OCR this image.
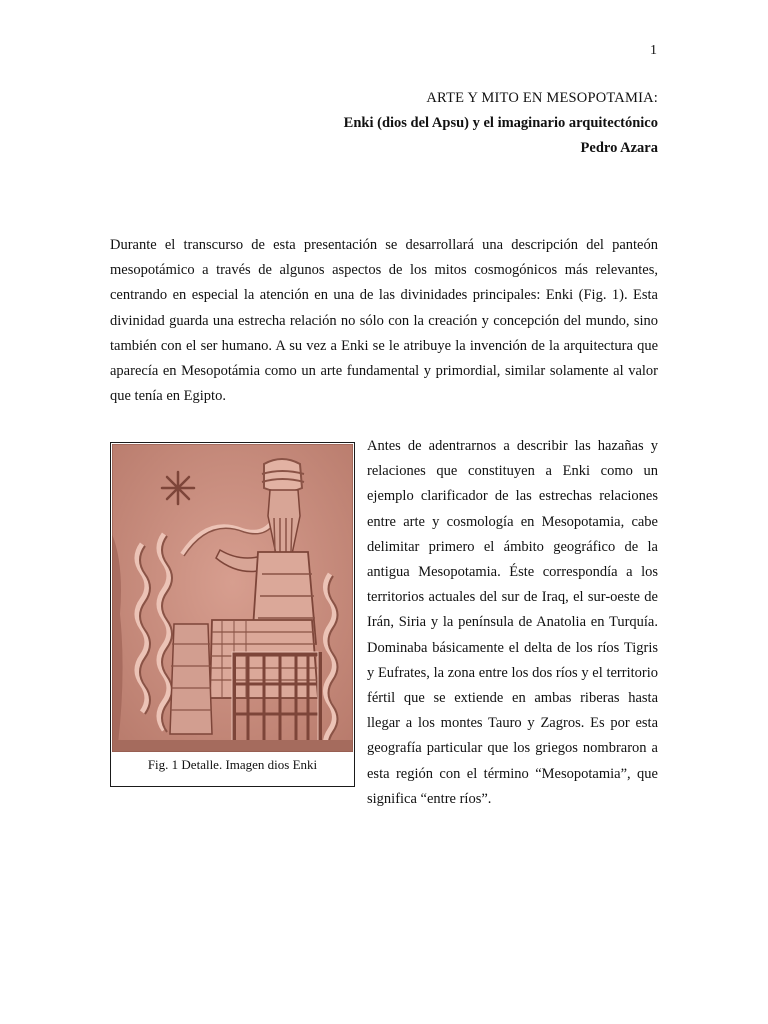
1
ARTE Y MITO EN MESOPOTAMIA:
Enki (dios del Apsu) y el imaginario arquitectónico
Pedro Azara
Durante el transcurso de esta presentación se desarrollará una descripción del panteón mesopotámico a través de algunos aspectos de los mitos cosmogónicos más relevantes, centrando en especial la atención en una de las divinidades principales: Enki (Fig. 1). Esta divinidad guarda una estrecha relación no sólo con la creación y concepción del mundo, sino también con el ser humano. A su vez a Enki se le atribuye la invención de la arquitectura que aparecía en Mesopotámia como un arte fundamental y primordial, similar solamente al valor que tenía en Egipto.
Fig. 1 Detalle. Imagen dios Enki
Antes de adentrarnos a describir las hazañas y relaciones que constituyen a Enki como un ejemplo clarificador de las estrechas relaciones entre arte y cosmología en Mesopotamia, cabe delimitar primero el ámbito geográfico de la antigua Mesopotamia. Éste correspondía a los territorios actuales del sur de Iraq, el sur-oeste de Irán, Siria y la península de Anatolia en Turquía. Dominaba básicamente el delta de los ríos Tigris y Eufrates, la zona entre los dos ríos y el territorio fértil que se extiende en ambas riberas hasta llegar a los montes Tauro y Zagros. Es por esta geografía particular que los griegos nombraron a esta región con el término “Mesopotamia”, que significa “entre ríos”.
